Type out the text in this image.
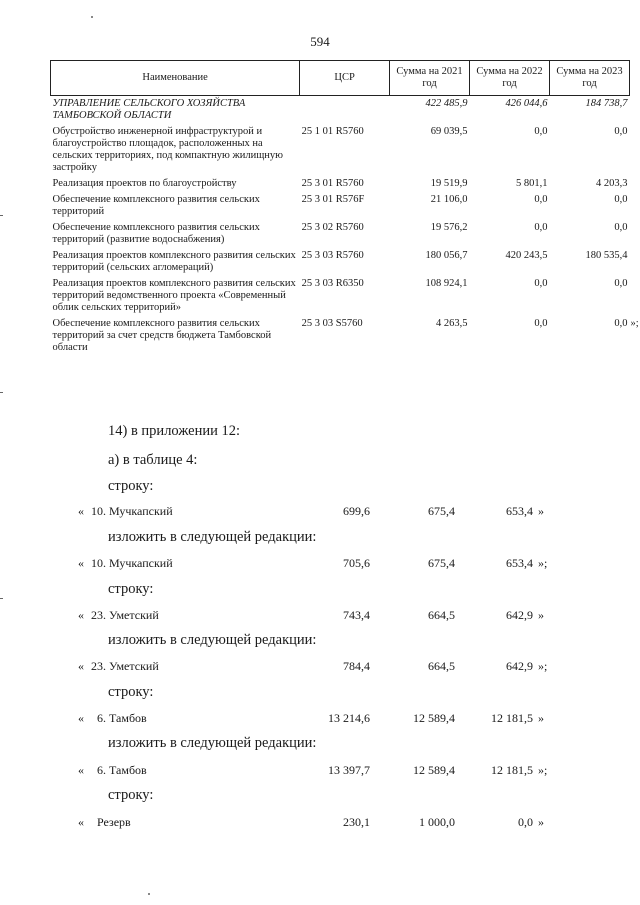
594
Наименование	ЦСР	Сумма на 2021 год	Сумма на 2022 год	Сумма на 2023 год
УПРАВЛЕНИЕ СЕЛЬСКОГО ХОЗЯЙСТВА ТАМБОВСКОЙ ОБЛАСТИ		422 485,9	426 044,6	184 738,7
Обустройство инженерной инфраструктурой и благоустройство площадок, расположенных на сельских территориях, под компактную жилищную застройку	25 1 01 R5760	69 039,5	0,0	0,0
Реализация проектов по благоустройству	25 3 01 R5760	19 519,9	5 801,1	4 203,3
Обеспечение комплексного развития сельских территорий	25 3 01 R576F	21 106,0	0,0	0,0
Обеспечение комплексного развития сельских территорий (развитие водоснабжения)	25 3 02 R5760	19 576,2	0,0	0,0
Реализация проектов комплексного развития сельских территорий (сельских агломераций)	25 3 03 R5760	180 056,7	420 243,5	180 535,4
Реализация проектов комплексного развития сельских территорий ведомственного проекта «Современный облик сельских территорий»	25 3 03 R6350	108 924,1	0,0	0,0
Обеспечение комплексного развития сельских территорий за счет средств бюджета Тамбовской области	25 3 03 S5760	4 263,5	0,0	0,0 »;
14) в приложении 12:
а) в таблице 4:
строку:
« 10. Мучкапский	699,6	675,4	653,4 »
изложить в следующей редакции:
« 10. Мучкапский	705,6	675,4	653,4 »;
строку:
« 23. Уметский	743,4	664,5	642,9 »
изложить в следующей редакции:
« 23. Уметский	784,4	664,5	642,9 »;
строку:
« 6. Тамбов	13 214,6	12 589,4	12 181,5 »
изложить в следующей редакции:
« 6. Тамбов	13 397,7	12 589,4	12 181,5 »;
строку:
« Резерв	230,1	1 000,0	0,0 »
